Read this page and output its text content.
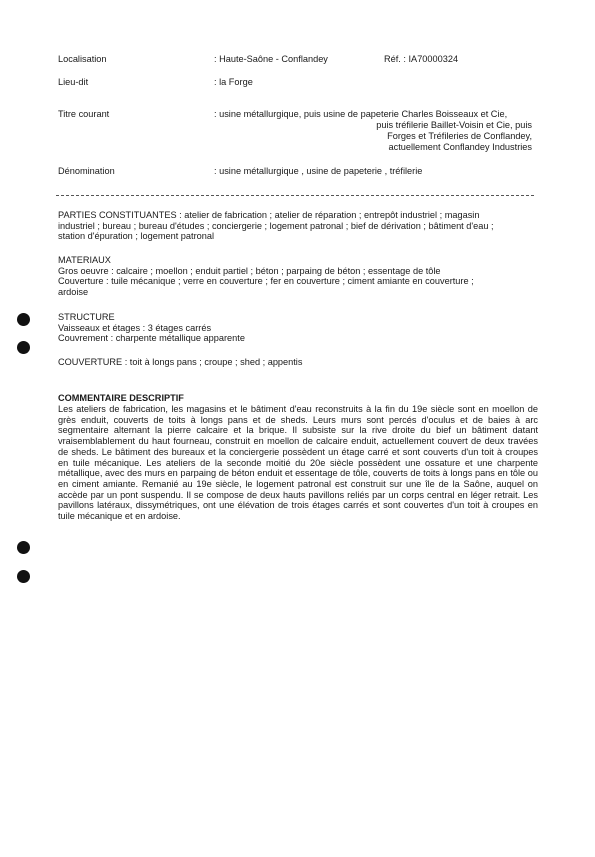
Localisation	: Haute-Saône - Conflandey	Réf. : IA70000324
Lieu-dit	: la Forge
Titre courant	: usine métallurgique, puis usine de papeterie Charles Boisseaux et Cie,
puis tréfilerie Baillet-Voisin et Cie, puis
Forges et Tréfileries de Conflandey,
actuellement Conflandey Industries
Dénomination	: usine métallurgique , usine de papeterie , tréfilerie
PARTIES CONSTITUANTES : atelier de fabrication ; atelier de réparation ; entrepôt industriel ; magasin
industriel ; bureau ; bureau d'études ; conciergerie ; logement patronal ; bief de dérivation ; bâtiment d'eau ;
station d'épuration ; logement patronal
MATERIAUX
Gros oeuvre : calcaire ; moellon ; enduit partiel ; béton ; parpaing de béton ; essentage de tôle
Couverture : tuile mécanique ; verre en couverture ; fer en couverture ; ciment amiante en couverture ;
ardoise
STRUCTURE
Vaisseaux et étages : 3 étages carrés
Couvrement : charpente métallique apparente
COUVERTURE : toit à longs pans ; croupe ; shed ; appentis
COMMENTAIRE DESCRIPTIF
Les ateliers de fabrication, les magasins et le bâtiment d'eau reconstruits à la fin du 19e siècle sont en moellon de grès enduit, couverts de toits à longs pans et de sheds. Leurs murs sont percés d'oculus et de baies à arc segmentaire alternant la pierre calcaire et la brique. Il subsiste sur la rive droite du bief un bâtiment datant vraisemblablement du haut fourneau, construit en moellon de calcaire enduit, actuellement couvert de deux travées de sheds. Le bâtiment des bureaux et la conciergerie possèdent un étage carré et sont couverts d'un toit à croupes en tuile mécanique. Les ateliers de la seconde moitié du 20e siècle possèdent une ossature et une charpente métallique, avec des murs en parpaing de béton enduit et essentage de tôle, couverts de toits à longs pans en tôle ou en ciment amiante. Remanié au 19e siècle, le logement patronal est construit sur une île de la Saône, auquel on accède par un pont suspendu. Il se compose de deux hauts pavillons reliés par un corps central en léger retrait. Les pavillons latéraux, dissymétriques, ont une élévation de trois étages carrés et sont couvertes d'un toit à croupes en tuile mécanique et en ardoise.
